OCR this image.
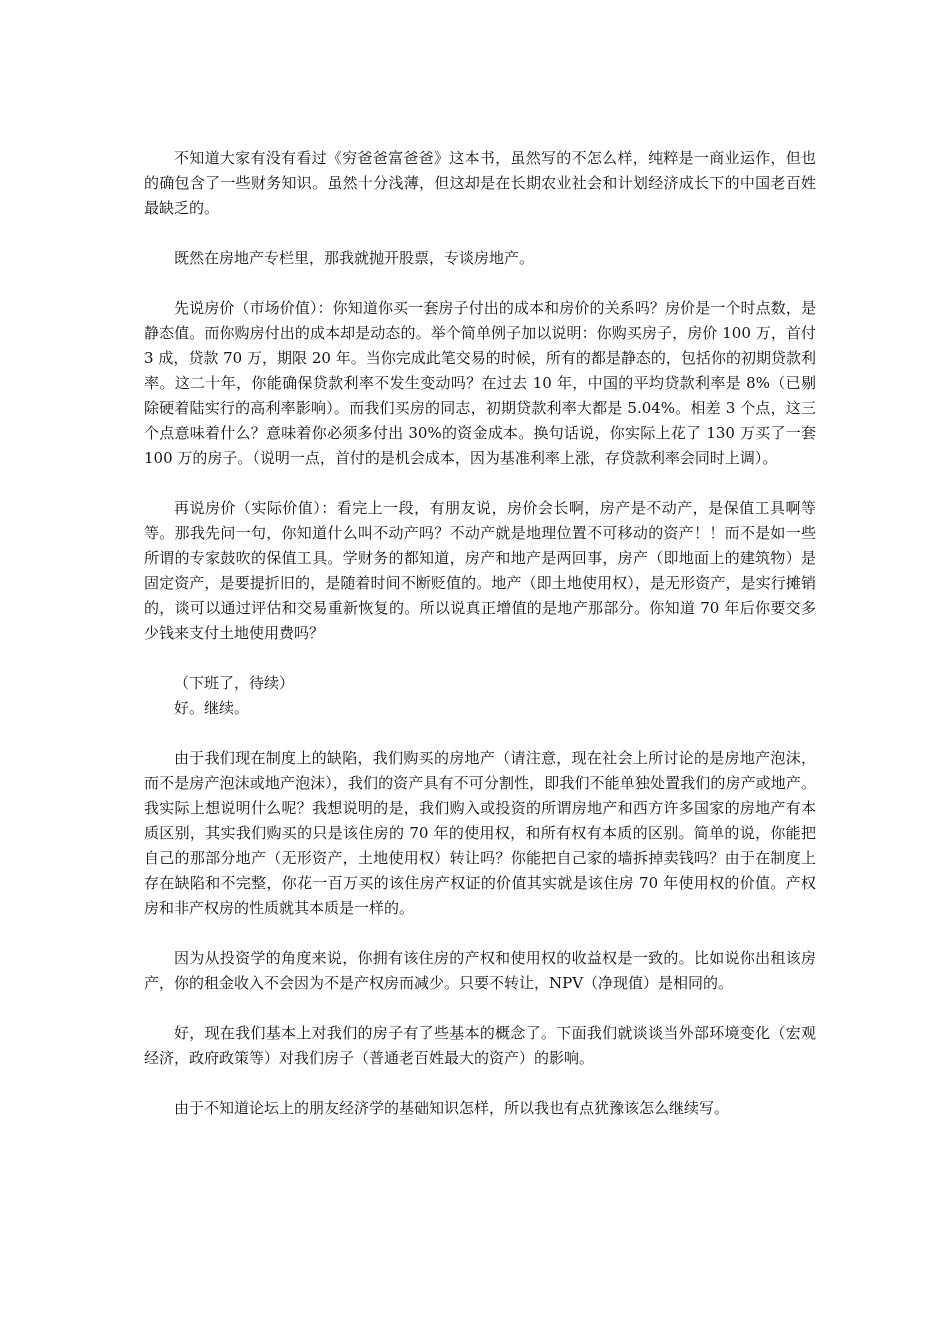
不知道大家有没有看过《穷爸爸富爸爸》这本书，虽然写的不怎么样，纯粹是一商业运作，但也的确包含了一些财务知识。虽然十分浅薄，但这却是在长期农业社会和计划经济成长下的中国老百姓最缺乏的。

既然在房地产专栏里，那我就抛开股票，专谈房地产。

先说房价（市场价值）：你知道你买一套房子付出的成本和房价的关系吗？房价是一个时点数，是静态值。而你购房付出的成本却是动态的。举个简单例子加以说明：你购买房子，房价 100 万，首付 3 成，贷款 70 万，期限 20 年。当你完成此笔交易的时候，所有的都是静态的，包括你的初期贷款利率。这二十年，你能确保贷款利率不发生变动吗？在过去 10 年，中国的平均贷款利率是 8%（已剔除硬着陆实行的高利率影响）。而我们买房的同志，初期贷款利率大都是 5.04%。相差 3 个点，这三个点意味着什么？意味着你必须多付出 30%的资金成本。换句话说，你实际上花了 130 万买了一套 100 万的房子。（说明一点，首付的是机会成本，因为基准利率上涨，存贷款利率会同时上调）。

再说房价（实际价值）：看完上一段，有朋友说，房价会长啊，房产是不动产，是保值工具啊等等。那我先问一句，你知道什么叫不动产吗？不动产就是地理位置不可移动的资产！！而不是如一些所谓的专家鼓吹的保值工具。学财务的都知道，房产和地产是两回事，房产（即地面上的建筑物）是固定资产，是要提折旧的，是随着时间不断贬值的。地产（即土地使用权），是无形资产，是实行摊销的，谈可以通过评估和交易重新恢复的。所以说真正增值的是地产那部分。你知道 70 年后你要交多少钱来支付土地使用费吗？

（下班了，待续）

好。继续。

由于我们现在制度上的缺陷，我们购买的房地产（请注意，现在社会上所讨论的是房地产泡沫，而不是房产泡沫或地产泡沫），我们的资产具有不可分割性，即我们不能单独处置我们的房产或地产。我实际上想说明什么呢？我想说明的是，我们购入或投资的所谓房地产和西方许多国家的房地产有本质区别，其实我们购买的只是该住房的 70 年的使用权，和所有权有本质的区别。简单的说，你能把自己的那部分地产（无形资产，土地使用权）转让吗？你能把自己家的墙拆掉卖钱吗？由于在制度上存在缺陷和不完整，你花一百万买的该住房产权证的价值其实就是该住房 70 年使用权的价值。产权房和非产权房的性质就其本质是一样的。

因为从投资学的角度来说，你拥有该住房的产权和使用权的收益权是一致的。比如说你出租该房产，你的租金收入不会因为不是产权房而减少。只要不转让，NPV（净现值）是相同的。

好，现在我们基本上对我们的房子有了些基本的概念了。下面我们就谈谈当外部环境变化（宏观经济，政府政策等）对我们房子（普通老百姓最大的资产）的影响。

由于不知道论坛上的朋友经济学的基础知识怎样，所以我也有点犹豫该怎么继续写。
